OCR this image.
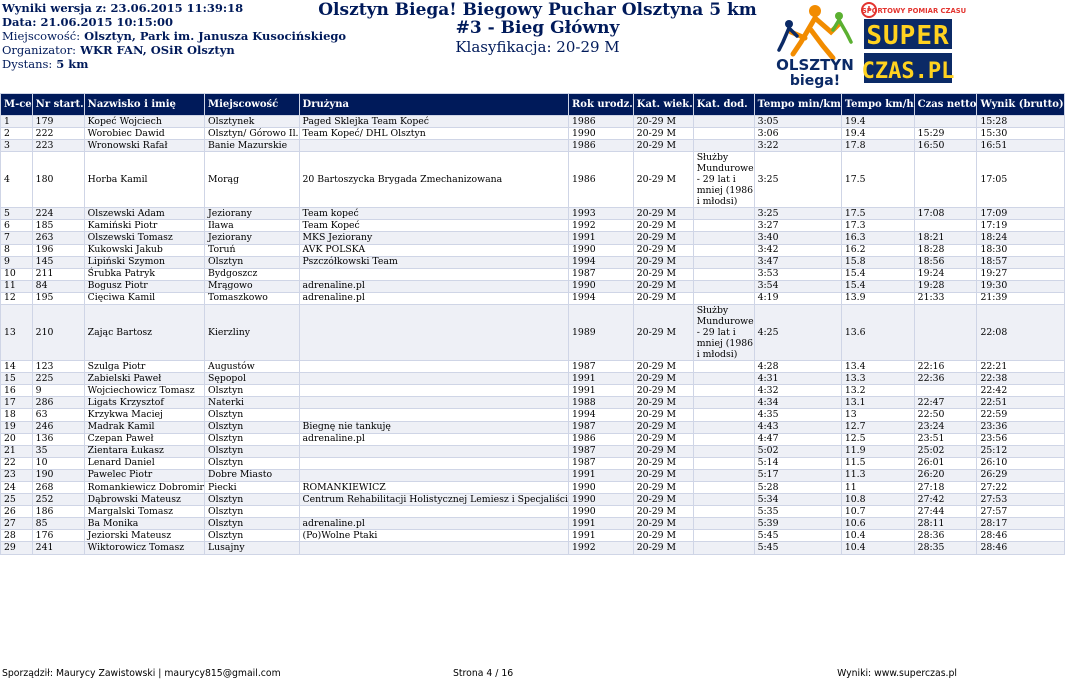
Wyniki wersja z: 23.06.2015 11:39:18
Data: 21.06.2015 10:15:00
Miejscowość: Olsztyn, Park im. Janusza Kusocińskiego
Organizator: WKR FAN, OSiR Olsztyn
Dystans: 5 km
Olsztyn Biega! Biegowy Puchar Olsztyna 5 km
#3 - Bieg Główny
Klasyfikacja: 20-29 M
OLSZTYN
biega!
SPORTOWY POMIAR CZASU
SUPER
CZAS.PL
M-ce	Nr start.	Nazwisko i imię	Miejscowość	Drużyna	Rok urodz.	Kat. wiek.	Kat. dod.	Tempo min/km	Tempo km/h	Czas netto	Wynik (brutto)
1	179	Kopeć Wojciech	Olsztynek	Paged Sklejka Team Kopeć	1986	20-29 M		3:05	19.4		15:28
2	222	Worobiec Dawid	Olsztyn/ Górowo Il.	Team Kopeć/ DHL Olsztyn	1990	20-29 M		3:06	19.4	15:29	15:30
3	223	Wronowski Rafał	Banie Mazurskie		1986	20-29 M		3:22	17.8	16:50	16:51
4	180	Horba Kamil	Morąg	20 Bartoszycka Brygada Zmechanizowana	1986	20-29 M	Służby Mundurowe - 29 lat i mniej (1986 i młodsi)	3:25	17.5		17:05
5	224	Olszewski Adam	Jeziorany	Team kopeć	1993	20-29 M		3:25	17.5	17:08	17:09
6	185	Kamiński Piotr	Iława	Team Kopeć	1992	20-29 M		3:27	17.3		17:19
7	263	Olszewski Tomasz	Jeziorany	MKS Jeziorany	1991	20-29 M		3:40	16.3	18:21	18:24
8	196	Kukowski Jakub	Toruń	AVK POLSKA	1990	20-29 M		3:42	16.2	18:28	18:30
9	145	Lipiński Szymon	Olsztyn	Pszczółkowski Team	1994	20-29 M		3:47	15.8	18:56	18:57
10	211	Śrubka Patryk	Bydgoszcz		1987	20-29 M		3:53	15.4	19:24	19:27
11	84	Bogusz Piotr	Mrągowo	adrenaline.pl	1990	20-29 M		3:54	15.4	19:28	19:30
12	195	Cięciwa Kamil	Tomaszkowo	adrenaline.pl	1994	20-29 M		4:19	13.9	21:33	21:39
13	210	Zając Bartosz	Kierzliny		1989	20-29 M	Służby Mundurowe - 29 lat i mniej (1986 i młodsi)	4:25	13.6		22:08
14	123	Szulga Piotr	Augustów		1987	20-29 M		4:28	13.4	22:16	22:21
15	225	Zabielski Paweł	Sępopol		1991	20-29 M		4:31	13.3	22:36	22:38
16	9	Wojciechowicz Tomasz	Olsztyn		1991	20-29 M		4:32	13.2		22:42
17	286	Ligats Krzysztof	Naterki		1988	20-29 M		4:34	13.1	22:47	22:51
18	63	Krzykwa Maciej	Olsztyn		1994	20-29 M		4:35	13	22:50	22:59
19	246	Madrak Kamil	Olsztyn	Biegnę nie tankuję	1987	20-29 M		4:43	12.7	23:24	23:36
20	136	Czepan Paweł	Olsztyn	adrenaline.pl	1986	20-29 M		4:47	12.5	23:51	23:56
21	35	Zientara Łukasz	Olsztyn		1987	20-29 M		5:02	11.9	25:02	25:12
22	10	Lenard Daniel	Olsztyn		1987	20-29 M		5:14	11.5	26:01	26:10
23	190	Pawelec Piotr	Dobre Miasto		1991	20-29 M		5:17	11.3	26:20	26:29
24	268	Romankiewicz Dobromir	Piecki	ROMANKIEWICZ	1990	20-29 M		5:28	11	27:18	27:22
25	252	Dąbrowski Mateusz	Olsztyn	Centrum Rehabilitacji Holistycznej Lemiesz i Specjaliści	1990	20-29 M		5:34	10.8	27:42	27:53
26	186	Margalski Tomasz	Olsztyn		1990	20-29 M		5:35	10.7	27:44	27:57
27	85	Ba Monika	Olsztyn	adrenaline.pl	1991	20-29 M		5:39	10.6	28:11	28:17
28	176	Jeziorski Mateusz	Olsztyn	(Po)Wolne Ptaki	1991	20-29 M		5:45	10.4	28:36	28:46
29	241	Wiktorowicz Tomasz	Lusajny		1992	20-29 M		5:45	10.4	28:35	28:46
Sporządził: Maurycy Zawistowski | maurycy815@gmail.com	Strona 4 / 16	Wyniki: www.superczas.pl
